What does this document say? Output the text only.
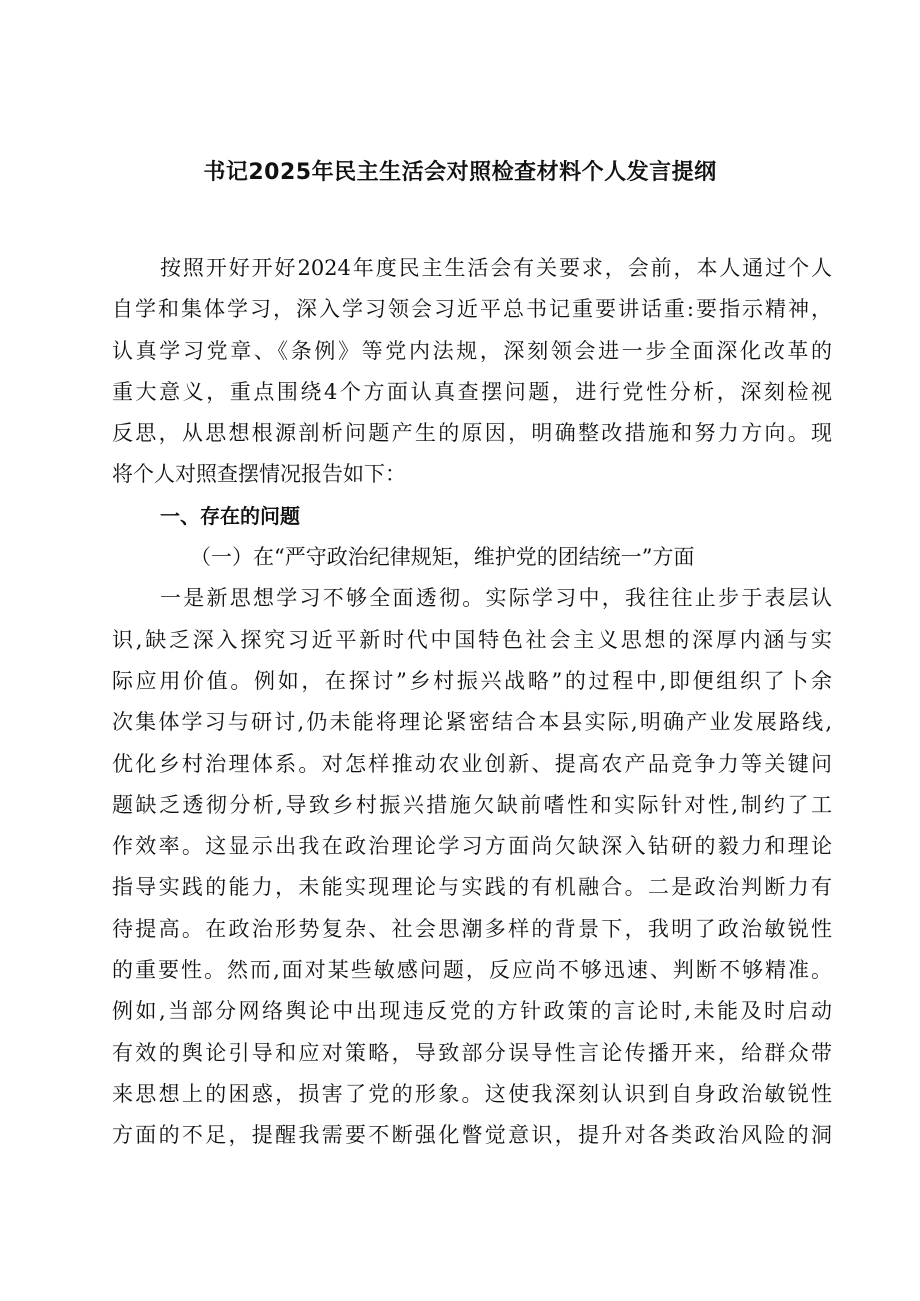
书记2025年民主生活会对照检查材料个人发言提纲
按照开好开好2024年度民主生活会有关要求，会前，本人通过个人
自学和集体学习，深入学习领会习近平总书记重要讲话重:要指示精神，
认真学习党章、《条例》等党内法规，深刻领会进一步全面深化改革的
重大意义，重点围绕4个方面认真查摆问题，进行党性分析，深刻检视
反思，从思想根源剖析问题产生的原因，明确整改措施和努力方向。现
将个人对照查摆情况报告如下：
一、存在的问题
（一）在“严守政治纪律规矩，维护党的团结统一”方面
一是新思想学习不够全面透彻。实际学习中，我往往止步于表层认
识,缺乏深入探究习近平新时代中国特色社会主义思想的深厚内涵与实
际应用价值。例如，在探讨”乡村振兴战略”的过程中,即便组织了卜余
次集体学习与研讨,仍未能将理论紧密结合本县实际,明确产业发展路线,
优化乡村治理体系。对怎样推动农业创新、提高农产品竞争力等关键问
题缺乏透彻分析,导致乡村振兴措施欠缺前嗜性和实际针对性,制约了工
作效率。这显示出我在政治理论学习方面尚欠缺深入钻研的毅力和理论
指导实践的能力，未能实现理论与实践的有机融合。二是政治判断力有
待提高。在政治形势复杂、社会思潮多样的背景下，我明了政治敏锐性
的重要性。然而,面对某些敏感问题，反应尚不够迅速、判断不够精准。
例如,当部分网络舆论中出现违反党的方针政策的言论时,未能及时启动
有效的舆论引导和应对策略，导致部分误导性言论传播开来，给群众带
来思想上的困惑，损害了党的形象。这使我深刻认识到自身政治敏锐性
方面的不足，提醒我需要不断强化瞥觉意识，提升对各类政治风险的洞
